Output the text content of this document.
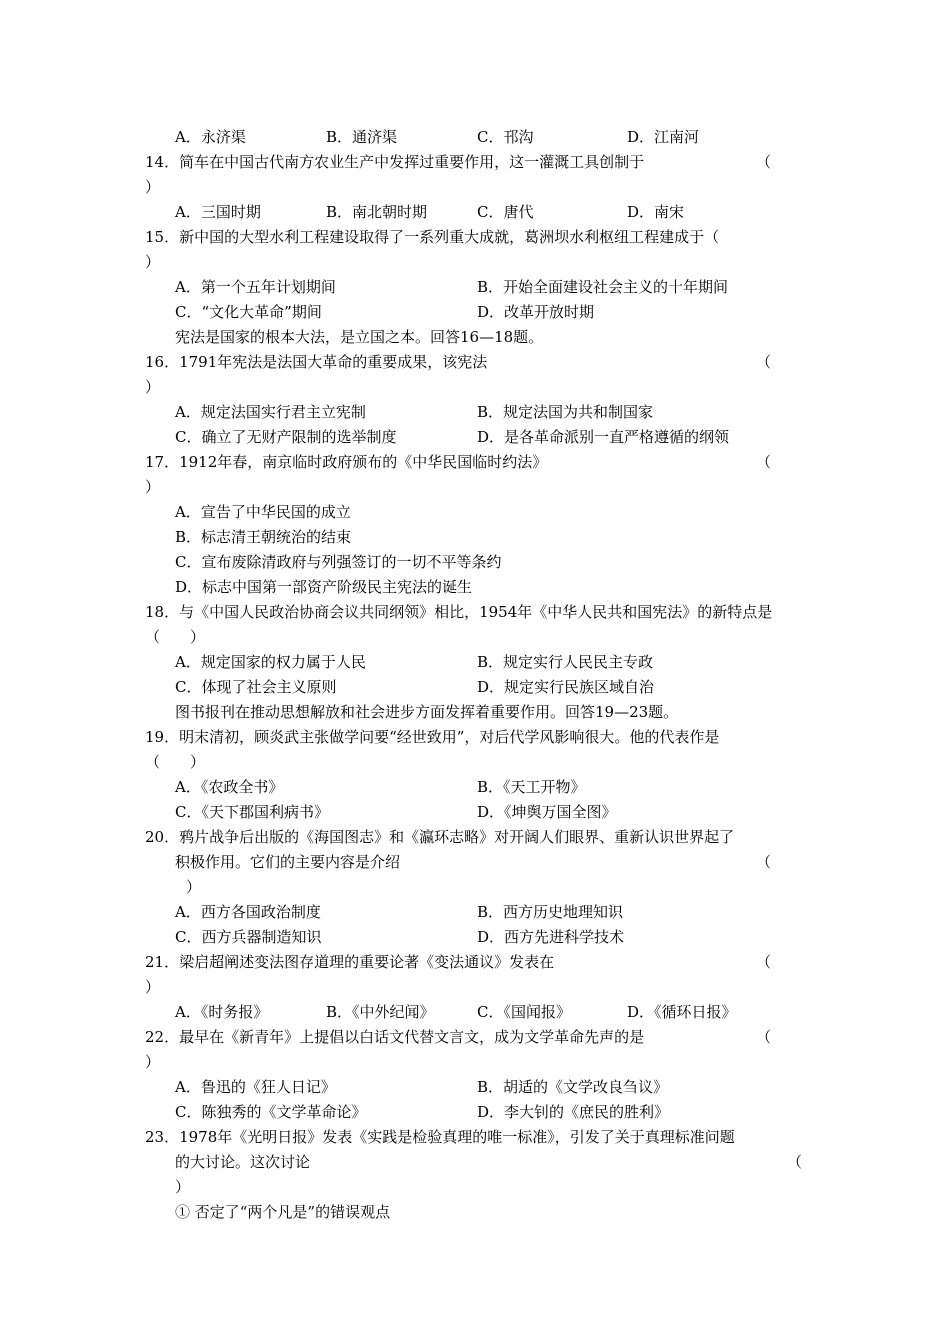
A．永济渠	B．通济渠	C．邗沟	D．江南河
14．简车在中国古代南方农业生产中发挥过重要作用，这一灌溉工具创制于	（
）
A．三国时期	B．南北朝时期	C．唐代	D．南宋
15．新中国的大型水利工程建设取得了一系列重大成就，葛洲坝水利枢纽工程建成于（
）
A．第一个五年计划期间	B．开始全面建设社会主义的十年期间
C．“文化大革命”期间	D．改革开放时期
宪法是国家的根本大法，是立国之本。回答16—18题。
16．1791年宪法是法国大革命的重要成果，该宪法	（
）
A．规定法国实行君主立宪制	B．规定法国为共和制国家
C．确立了无财产限制的选举制度	D．是各革命派别一直严格遵循的纲领
17．1912年春，南京临时政府颁布的《中华民国临时约法》	（
）
A．宣告了中华民国的成立
B．标志清王朝统治的结束
C．宣布废除清政府与列强签订的一切不平等条约
D．标志中国第一部资产阶级民主宪法的诞生
18．与《中国人民政治协商会议共同纲领》相比，1954年《中华人民共和国宪法》的新特点是
（　　）
A．规定国家的权力属于人民	B．规定实行人民民主专政
C．体现了社会主义原则	D．规定实行民族区域自治
图书报刊在推动思想解放和社会进步方面发挥着重要作用。回答19—23题。
19．明末清初，顾炎武主张做学问要“经世致用”，对后代学风影响很大。他的代表作是
（　　）
A．《农政全书》	B．《天工开物》
C．《天下郡国利病书》	D．《坤舆万国全图》
20．鸦片战争后出版的《海国图志》和《瀛环志略》对开阔人们眼界、重新认识世界起了
积极作用。它们的主要内容是介绍	（
）
A．西方各国政治制度	B．西方历史地理知识
C．西方兵器制造知识	D．西方先进科学技术
21．梁启超阐述变法图存道理的重要论著《变法通议》发表在	（
）
A．《时务报》	B．《中外纪闻》	C．《国闻报》	D．《循环日报》
22．最早在《新青年》上提倡以白话文代替文言文，成为文学革命先声的是	（
）
A．鲁迅的《狂人日记》	B．胡适的《文学改良刍议》
C．陈独秀的《文学革命论》	D．李大钊的《庶民的胜利》
23．1978年《光明日报》发表《实践是检验真理的唯一标准》，引发了关于真理标准问题
的大讨论。这次讨论	（
）
① 否定了“两个凡是”的错误观点
